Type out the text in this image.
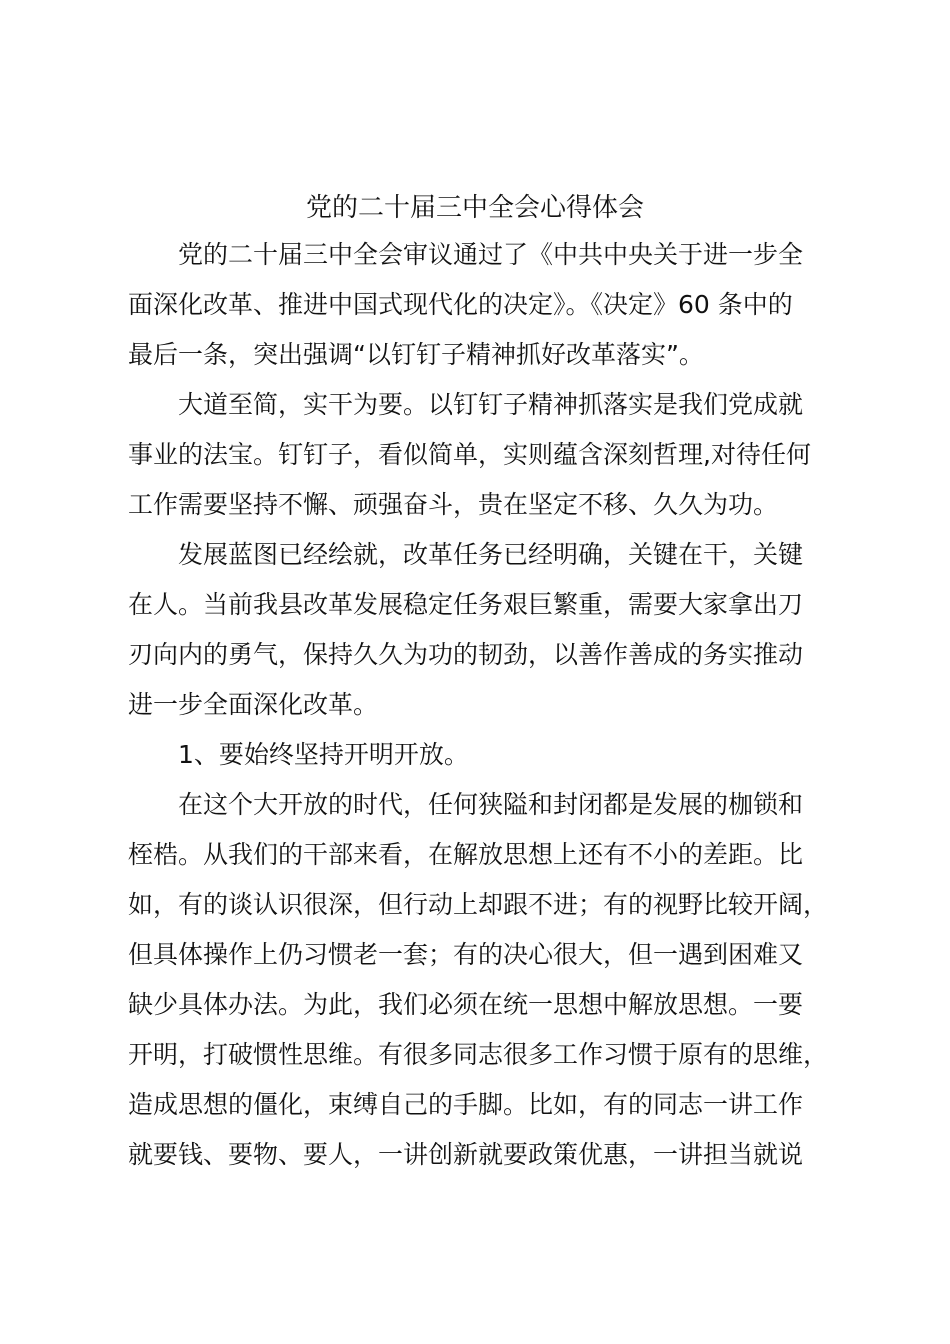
党的二十届三中全会心得体会
党的二十届三中全会审议通过了《中共中央关于进一步全
面深化改革、推进中国式现代化的决定》。《决定》60 条中的
最后一条，突出强调“以钉钉子精神抓好改革落实”。
大道至简，实干为要。以钉钉子精神抓落实是我们党成就
事业的法宝。钉钉子，看似简单，实则蕴含深刻哲理,对待任何
工作需要坚持不懈、顽强奋斗，贵在坚定不移、久久为功。
发展蓝图已经绘就，改革任务已经明确，关键在干，关键
在人。当前我县改革发展稳定任务艰巨繁重，需要大家拿出刀
刃向内的勇气，保持久久为功的韧劲，以善作善成的务实推动
进一步全面深化改革。
1、要始终坚持开明开放。
在这个大开放的时代，任何狭隘和封闭都是发展的枷锁和
桎梏。从我们的干部来看，在解放思想上还有不小的差距。比
如，有的谈认识很深，但行动上却跟不进；有的视野比较开阔，
但具体操作上仍习惯老一套；有的决心很大，但一遇到困难又
缺少具体办法。为此，我们必须在统一思想中解放思想。一要
开明，打破惯性思维。有很多同志很多工作习惯于原有的思维，
造成思想的僵化，束缚自己的手脚。比如，有的同志一讲工作
就要钱、要物、要人，一讲创新就要政策优惠，一讲担当就说
